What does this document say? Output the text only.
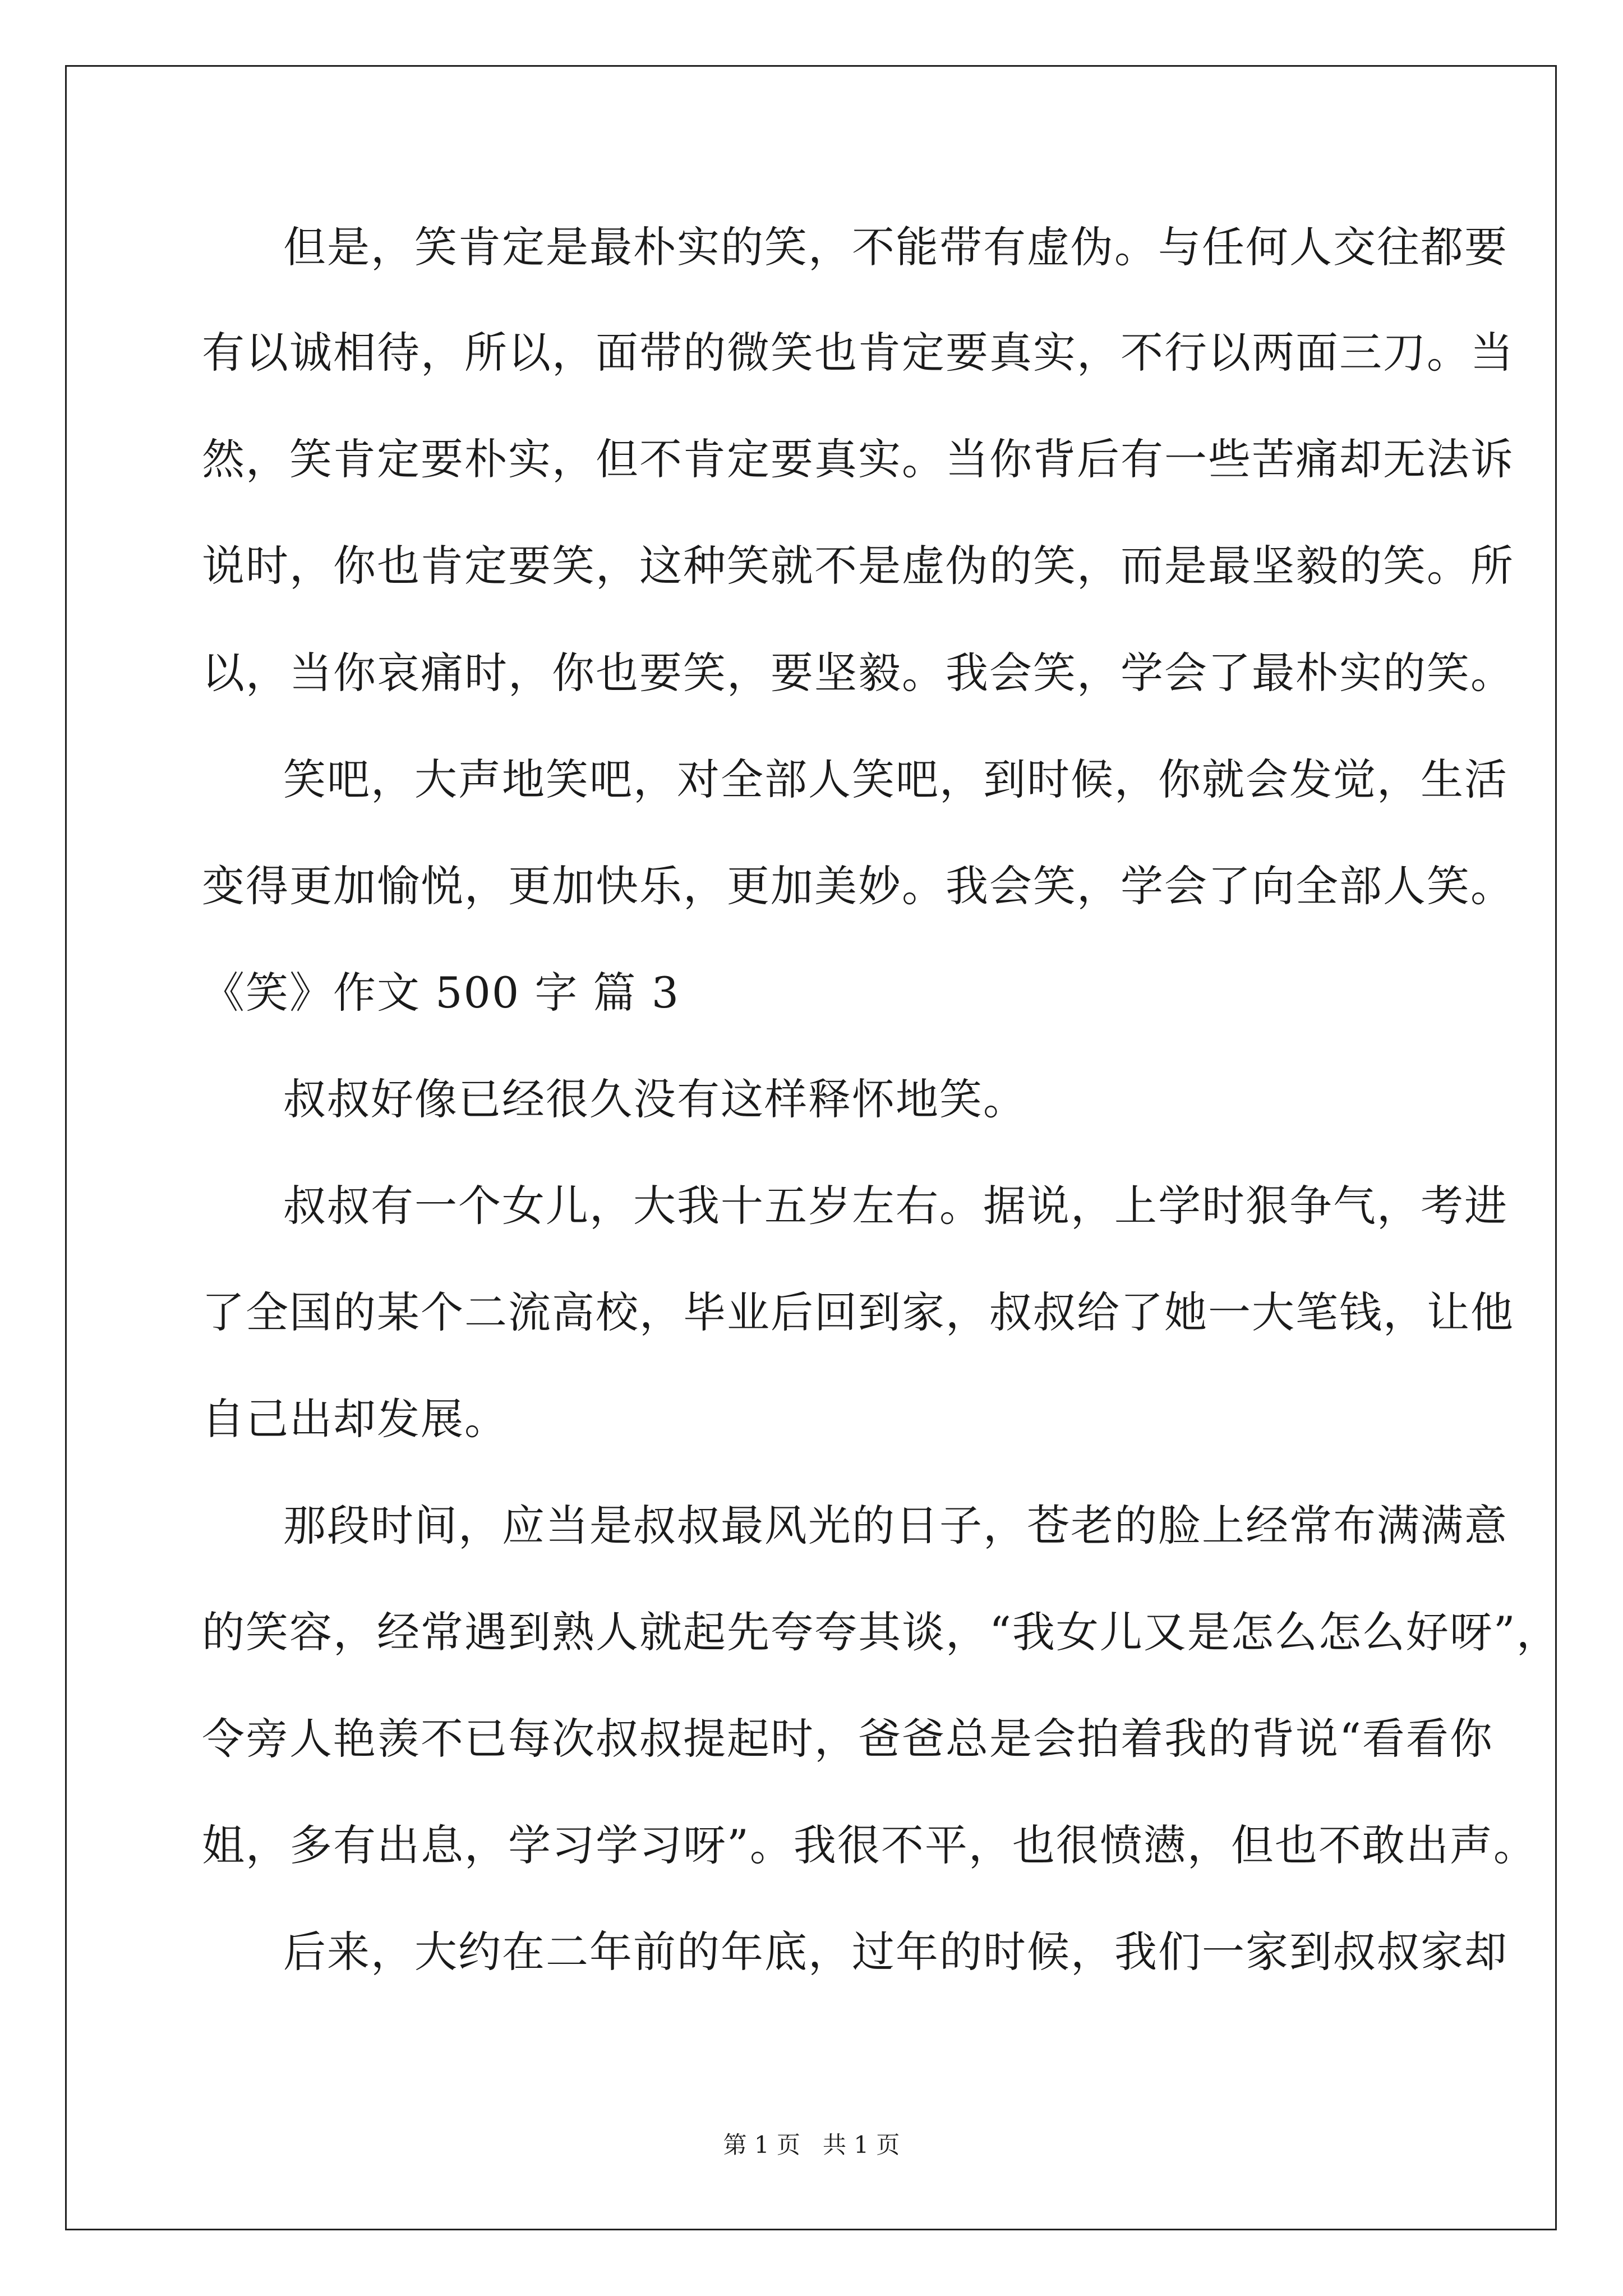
但是，笑肯定是最朴实的笑，不能带有虚伪。与任何人交往都要
有以诚相待，所以，面带的微笑也肯定要真实，不行以两面三刀。当
然，笑肯定要朴实，但不肯定要真实。当你背后有一些苦痛却无法诉
说时，你也肯定要笑，这种笑就不是虚伪的笑，而是最坚毅的笑。所
以，当你哀痛时，你也要笑，要坚毅。我会笑，学会了最朴实的笑。
笑吧，大声地笑吧，对全部人笑吧，到时候，你就会发觉，生活
变得更加愉悦，更加快乐，更加美妙。我会笑，学会了向全部人笑。
《笑》作文 500 字 篇 3
叔叔好像已经很久没有这样释怀地笑。
叔叔有一个女儿，大我十五岁左右。据说，上学时狠争气，考进
了全国的某个二流高校，毕业后回到家，叔叔给了她一大笔钱，让他
自己出却发展。
那段时间，应当是叔叔最风光的日子，苍老的脸上经常布满满意
的笑容，经常遇到熟人就起先夸夸其谈，“我女儿又是怎么怎么好呀”，
令旁人艳羡不已每次叔叔提起时，爸爸总是会拍着我的背说“看看你
姐，多有出息，学习学习呀”。我很不平，也很愤懑，但也不敢出声。
后来，大约在二年前的年底，过年的时候，我们一家到叔叔家却
第 1 页 共 1 页
